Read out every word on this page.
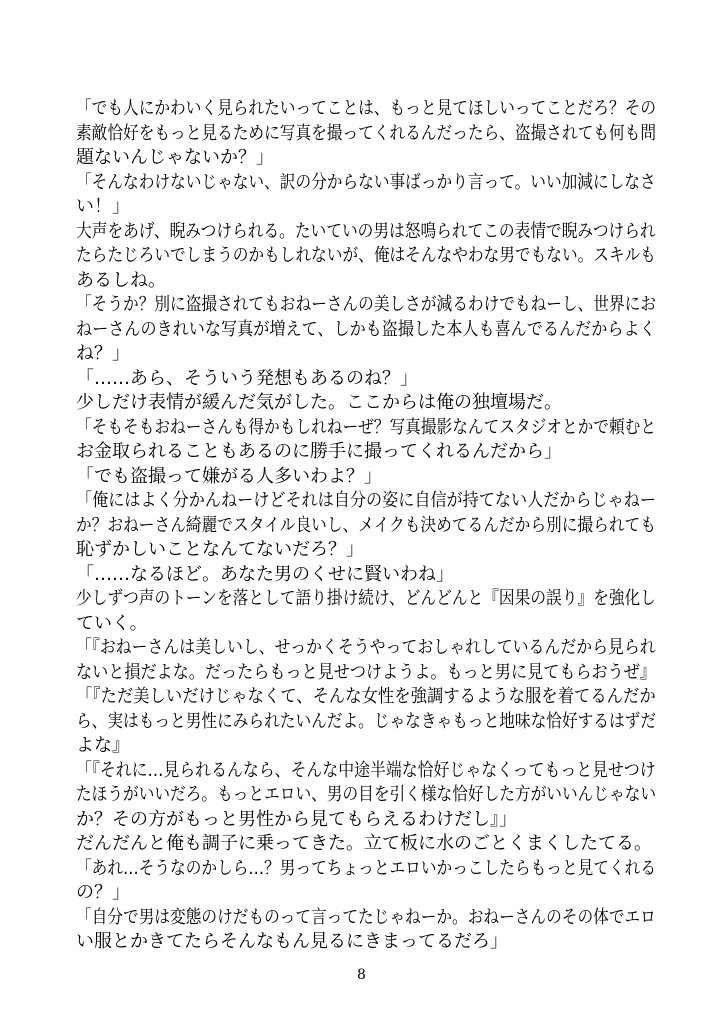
「でも人にかわいく見られたいってことは、もっと見てほしいってことだろ？その
素敵恰好をもっと見るために写真を撮ってくれるんだったら、盗撮されても何も問
題ないんじゃないか？」
「そんなわけないじゃない、訳の分からない事ばっかり言って。いい加減にしなさ
い！」
大声をあげ、睨みつけられる。たいていの男は怒鳴られてこの表情で睨みつけられ
たらたじろいでしまうのかもしれないが、俺はそんなやわな男でもない。スキルも
あるしね。
「そうか？別に盗撮されてもおねーさんの美しさが減るわけでもねーし、世界にお
ねーさんのきれいな写真が増えて、しかも盗撮した本人も喜んでるんだからよく
ね？」
「……あら、そういう発想もあるのね？」
少しだけ表情が緩んだ気がした。ここからは俺の独壇場だ。
「そもそもおねーさんも得かもしれねーぜ？写真撮影なんてスタジオとかで頼むと
お金取られることもあるのに勝手に撮ってくれるんだから」
「でも盗撮って嫌がる人多いわよ？」
「俺にはよく分かんねーけどそれは自分の姿に自信が持てない人だからじゃねー
か？おねーさん綺麗でスタイル良いし、メイクも決めてるんだから別に撮られても
恥ずかしいことなんてないだろ？」
「……なるほど。あなた男のくせに賢いわね」
少しずつ声のトーンを落として語り掛け続け、どんどんと『因果の誤り』を強化し
ていく。
「『おねーさんは美しいし、せっかくそうやっておしゃれしているんだから見られ
ないと損だよな。だったらもっと見せつけようよ。もっと男に見てもらおうぜ』
「『ただ美しいだけじゃなくて、そんな女性を強調するような服を着てるんだか
ら、実はもっと男性にみられたいんだよ。じゃなきゃもっと地味な恰好するはずだ
よな』
「『それに…見られるんなら、そんな中途半端な恰好じゃなくってもっと見せつけ
たほうがいいだろ。もっとエロい、男の目を引く様な恰好した方がいいんじゃない
か？その方がもっと男性から見てもらえるわけだし』」
だんだんと俺も調子に乗ってきた。立て板に水のごとくまくしたてる。
「あれ…そうなのかしら…？男ってちょっとエロいかっこしたらもっと見てくれる
の？」
「自分で男は変態のけだものって言ってたじゃねーか。おねーさんのその体でエロ
い服とかきてたらそんなもん見るにきまってるだろ」
8
